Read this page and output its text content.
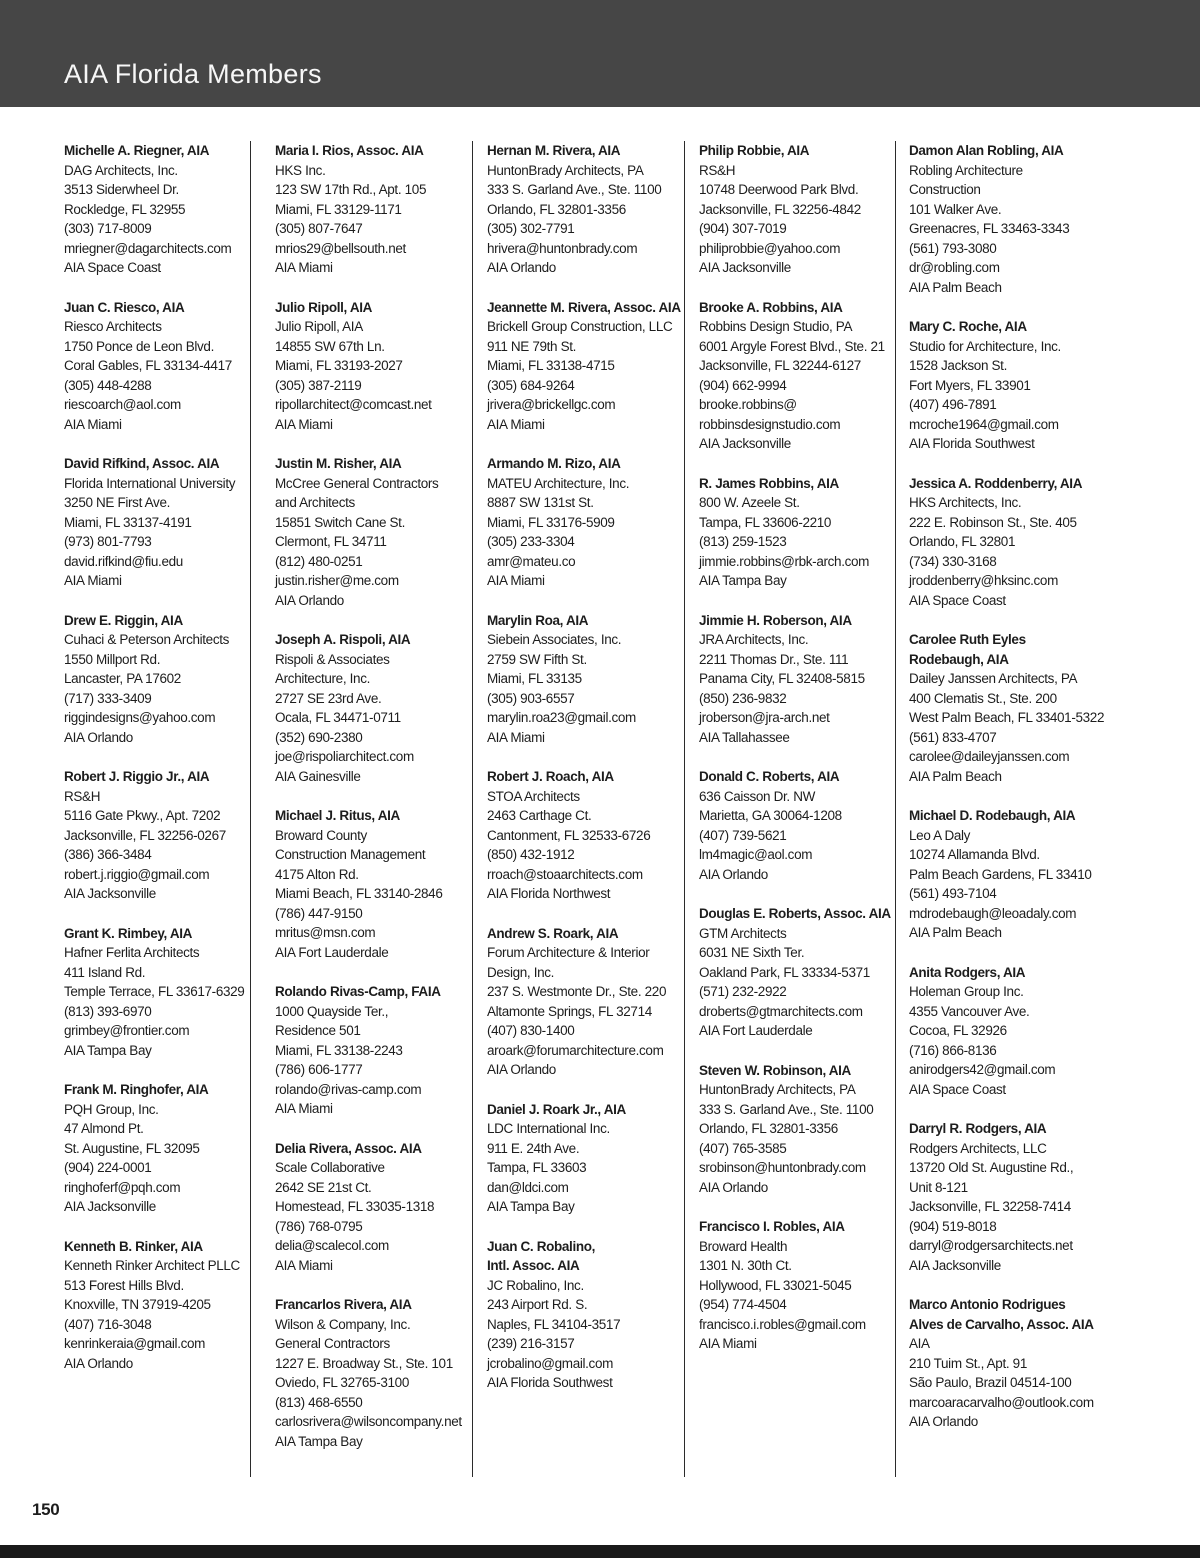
AIA Florida Members
Michelle A. Riegner, AIA
DAG Architects, Inc.
3513 Siderwheel Dr.
Rockledge, FL 32955
(303) 717-8009
mriegner@dagarchitects.com
AIA Space Coast
Juan C. Riesco, AIA
Riesco Architects
1750 Ponce de Leon Blvd.
Coral Gables, FL 33134-4417
(305) 448-4288
riescoarch@aol.com
AIA Miami
David Rifkind, Assoc. AIA
Florida International University
3250 NE First Ave.
Miami, FL 33137-4191
(973) 801-7793
david.rifkind@fiu.edu
AIA Miami
Drew E. Riggin, AIA
Cuhaci & Peterson Architects
1550 Millport Rd.
Lancaster, PA 17602
(717) 333-3409
riggindesigns@yahoo.com
AIA Orlando
Robert J. Riggio Jr., AIA
RS&H
5116 Gate Pkwy., Apt. 7202
Jacksonville, FL 32256-0267
(386) 366-3484
robert.j.riggio@gmail.com
AIA Jacksonville
Grant K. Rimbey, AIA
Hafner Ferlita Architects
411 Island Rd.
Temple Terrace, FL 33617-6329
(813) 393-6970
grimbey@frontier.com
AIA Tampa Bay
Frank M. Ringhofer, AIA
PQH Group, Inc.
47 Almond Pt.
St. Augustine, FL 32095
(904) 224-0001
ringhoferf@pqh.com
AIA Jacksonville
Kenneth B. Rinker, AIA
Kenneth Rinker Architect PLLC
513 Forest Hills Blvd.
Knoxville, TN 37919-4205
(407) 716-3048
kenrinkeraia@gmail.com
AIA Orlando
Maria I. Rios, Assoc. AIA
HKS Inc.
123 SW 17th Rd., Apt. 105
Miami, FL 33129-1171
(305) 807-7647
mrios29@bellsouth.net
AIA Miami
Julio Ripoll, AIA
Julio Ripoll, AIA
14855 SW 67th Ln.
Miami, FL 33193-2027
(305) 387-2119
ripollarchitect@comcast.net
AIA Miami
Justin M. Risher, AIA
McCree General Contractors
and Architects
15851 Switch Cane St.
Clermont, FL 34711
(812) 480-0251
justin.risher@me.com
AIA Orlando
Joseph A. Rispoli, AIA
Rispoli & Associates
Architecture, Inc.
2727 SE 23rd Ave.
Ocala, FL 34471-0711
(352) 690-2380
joe@rispoliarchitect.com
AIA Gainesville
Michael J. Ritus, AIA
Broward County
Construction Management
4175 Alton Rd.
Miami Beach, FL 33140-2846
(786) 447-9150
mritus@msn.com
AIA Fort Lauderdale
Rolando Rivas-Camp, FAIA
1000 Quayside Ter.,
Residence 501
Miami, FL 33138-2243
(786) 606-1777
rolando@rivas-camp.com
AIA Miami
Delia Rivera, Assoc. AIA
Scale Collaborative
2642 SE 21st Ct.
Homestead, FL 33035-1318
(786) 768-0795
delia@scalecol.com
AIA Miami
Francarlos Rivera, AIA
Wilson & Company, Inc.
General Contractors
1227 E. Broadway St., Ste. 101
Oviedo, FL 32765-3100
(813) 468-6550
carlosrivera@wilsoncompany.net
AIA Tampa Bay
Hernan M. Rivera, AIA
HuntonBrady Architects, PA
333 S. Garland Ave., Ste. 1100
Orlando, FL 32801-3356
(305) 302-7791
hrivera@huntonbrady.com
AIA Orlando
Jeannette M. Rivera, Assoc. AIA
Brickell Group Construction, LLC
911 NE 79th St.
Miami, FL 33138-4715
(305) 684-9264
jrivera@brickellgc.com
AIA Miami
Armando M. Rizo, AIA
MATEU Architecture, Inc.
8887 SW 131st St.
Miami, FL 33176-5909
(305) 233-3304
amr@mateu.co
AIA Miami
Marylin Roa, AIA
Siebein Associates, Inc.
2759 SW Fifth St.
Miami, FL 33135
(305) 903-6557
marylin.roa23@gmail.com
AIA Miami
Robert J. Roach, AIA
STOA Architects
2463 Carthage Ct.
Cantonment, FL 32533-6726
(850) 432-1912
rroach@stoaarchitects.com
AIA Florida Northwest
Andrew S. Roark, AIA
Forum Architecture & Interior
Design, Inc.
237 S. Westmonte Dr., Ste. 220
Altamonte Springs, FL 32714
(407) 830-1400
aroark@forumarchitecture.com
AIA Orlando
Daniel J. Roark Jr., AIA
LDC International Inc.
911 E. 24th Ave.
Tampa, FL 33603
dan@ldci.com
AIA Tampa Bay
Juan C. Robalino,
Intl. Assoc. AIA
JC Robalino, Inc.
243 Airport Rd. S.
Naples, FL 34104-3517
(239) 216-3157
jcrobalino@gmail.com
AIA Florida Southwest
Philip Robbie, AIA
RS&H
10748 Deerwood Park Blvd.
Jacksonville, FL 32256-4842
(904) 307-7019
philiprobbie@yahoo.com
AIA Jacksonville
Brooke A. Robbins, AIA
Robbins Design Studio, PA
6001 Argyle Forest Blvd., Ste. 21
Jacksonville, FL 32244-6127
(904) 662-9994
brooke.robbins@
robbinsdesignstudio.com
AIA Jacksonville
R. James Robbins, AIA
800 W. Azeele St.
Tampa, FL 33606-2210
(813) 259-1523
jimmie.robbins@rbk-arch.com
AIA Tampa Bay
Jimmie H. Roberson, AIA
JRA Architects, Inc.
2211 Thomas Dr., Ste. 111
Panama City, FL 32408-5815
(850) 236-9832
jroberson@jra-arch.net
AIA Tallahassee
Donald C. Roberts, AIA
636 Caisson Dr. NW
Marietta, GA 30064-1208
(407) 739-5621
lm4magic@aol.com
AIA Orlando
Douglas E. Roberts, Assoc. AIA
GTM Architects
6031 NE Sixth Ter.
Oakland Park, FL 33334-5371
(571) 232-2922
droberts@gtmarchitects.com
AIA Fort Lauderdale
Steven W. Robinson, AIA
HuntonBrady Architects, PA
333 S. Garland Ave., Ste. 1100
Orlando, FL 32801-3356
(407) 765-3585
srobinson@huntonbrady.com
AIA Orlando
Francisco I. Robles, AIA
Broward Health
1301 N. 30th Ct.
Hollywood, FL 33021-5045
(954) 774-4504
francisco.i.robles@gmail.com
AIA Miami
Damon Alan Robling, AIA
Robling Architecture
Construction
101 Walker Ave.
Greenacres, FL 33463-3343
(561) 793-3080
dr@robling.com
AIA Palm Beach
Mary C. Roche, AIA
Studio for Architecture, Inc.
1528 Jackson St.
Fort Myers, FL 33901
(407) 496-7891
mcroche1964@gmail.com
AIA Florida Southwest
Jessica A. Roddenberry, AIA
HKS Architects, Inc.
222 E. Robinson St., Ste. 405
Orlando, FL 32801
(734) 330-3168
jroddenberry@hksinc.com
AIA Space Coast
Carolee Ruth Eyles
Rodebaugh, AIA
Dailey Janssen Architects, PA
400 Clematis St., Ste. 200
West Palm Beach, FL 33401-5322
(561) 833-4707
carolee@daileyjanssen.com
AIA Palm Beach
Michael D. Rodebaugh, AIA
Leo A Daly
10274 Allamanda Blvd.
Palm Beach Gardens, FL 33410
(561) 493-7104
mdrodebaugh@leoadaly.com
AIA Palm Beach
Anita Rodgers, AIA
Holeman Group Inc.
4355 Vancouver Ave.
Cocoa, FL 32926
(716) 866-8136
anirodgers42@gmail.com
AIA Space Coast
Darryl R. Rodgers, AIA
Rodgers Architects, LLC
13720 Old St. Augustine Rd.,
Unit 8-121
Jacksonville, FL 32258-7414
(904) 519-8018
darryl@rodgersarchitects.net
AIA Jacksonville
Marco Antonio Rodrigues
Alves de Carvalho, Assoc. AIA
AIA
210 Tuim St., Apt. 91
São Paulo, Brazil 04514-100
marcoaracarvalho@outlook.com
AIA Orlando
150
